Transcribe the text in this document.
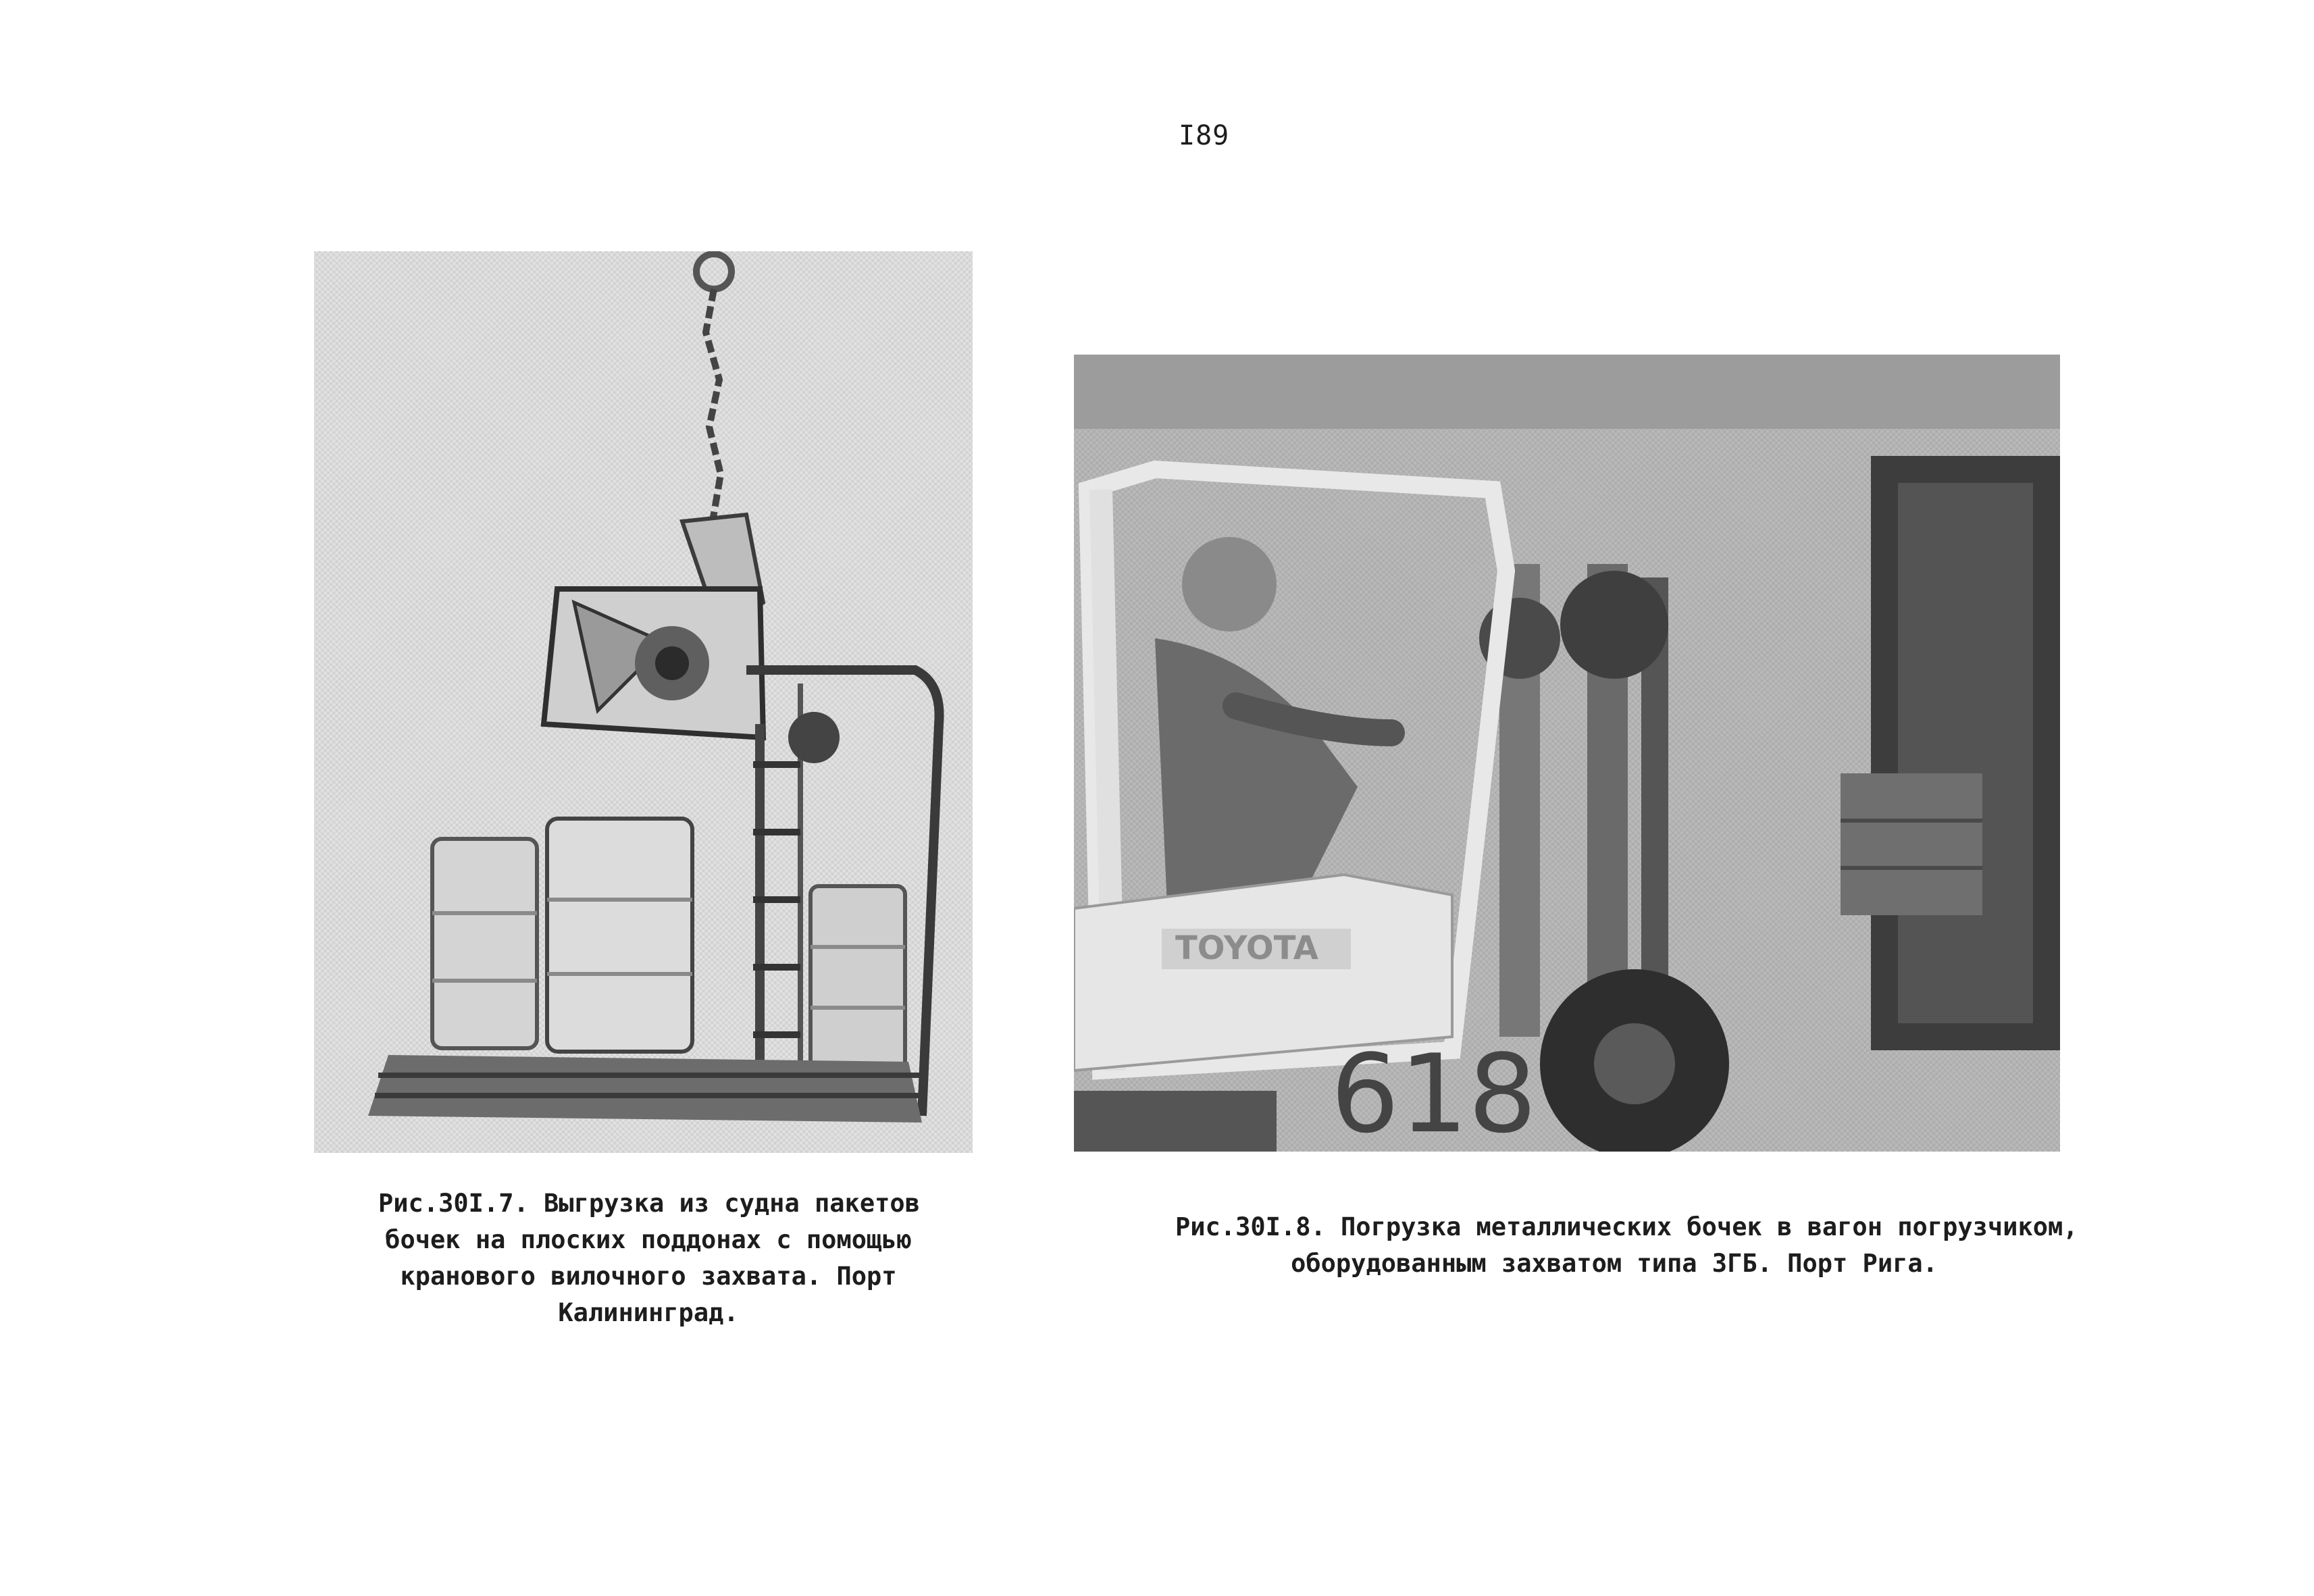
I89
TOYOTA
618
Рис.30I.7. Выгрузка из судна пакетов
бочек на плоских поддонах с помощью
кранового вилочного захвата. Порт
Калининград.
Рис.30I.8. Погрузка металлических бочек в вагон погрузчиком,
оборудованным захватом типа ЗГБ. Порт Рига.
